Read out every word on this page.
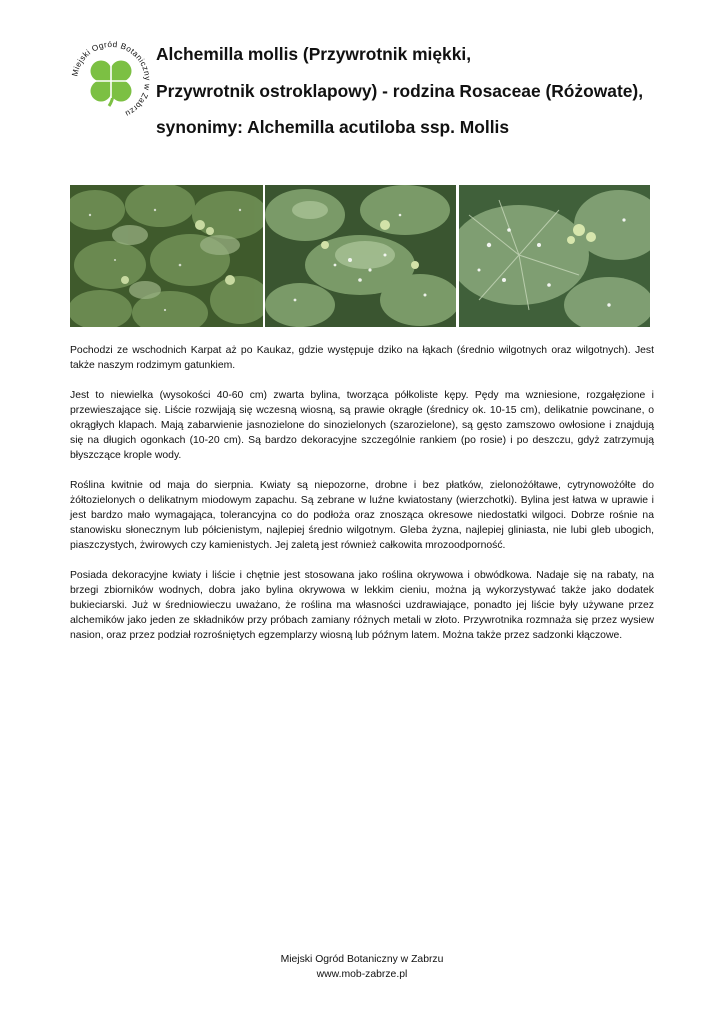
Miejski Ogród Botaniczny w Zabrzu
Alchemilla mollis (Przywrotnik miękki,
Przywrotnik ostroklapowy) - rodzina Rosaceae (Różowate),
synonimy: Alchemilla acutiloba ssp. Mollis

Pochodzi ze wschodnich Karpat aż po Kaukaz, gdzie występuje dziko na łąkach (średnio wilgotnych oraz wilgotnych). Jest także naszym rodzimym gatunkiem.

Jest to niewielka (wysokości 40-60 cm) zwarta bylina, tworząca półkoliste kępy. Pędy ma wzniesione, rozgałęzione i przewieszające się. Liście rozwijają się wczesną wiosną, są prawie okrągłe (średnicy ok. 10-15 cm), delikatnie powcinane, o okrągłych klapach. Mają zabarwienie jasnozielone do sinozielonych (szarozielone), są gęsto zamszowo owłosione i znajdują się na długich ogonkach (10-20 cm). Są bardzo dekoracyjne szczególnie rankiem (po rosie) i po deszczu, gdyż zatrzymują błyszczące krople wody.

Roślina kwitnie od maja do sierpnia. Kwiaty są niepozorne, drobne i bez płatków, zielonożółtawe, cytrynowożółte do żółtozielonych o delikatnym miodowym zapachu. Są zebrane w luźne kwiatostany (wierzchotki). Bylina jest łatwa w uprawie i jest bardzo mało wymagająca, tolerancyjna co do podłoża oraz znosząca okresowe niedostatki wilgoci. Dobrze rośnie na stanowisku słonecznym lub półcienistym, najlepiej średnio wilgotnym. Gleba żyzna, najlepiej gliniasta, nie lubi gleb ubogich, piaszczystych, żwirowych czy kamienistych. Jej zaletą jest również całkowita mrozoodporność.

Posiada dekoracyjne kwiaty i liście i chętnie jest stosowana jako roślina okrywowa i obwódkowa. Nadaje się na rabaty, na brzegi zbiorników wodnych, dobra jako bylina okrywowa w lekkim cieniu, można ją wykorzystywać także jako dodatek bukieciarski. Już w średniowieczu uważano, że roślina ma własności uzdrawiające, ponadto jej liście były używane przez alchemików jako jeden ze składników przy próbach zamiany różnych metali w złoto. Przywrotnika rozmnaża się przez wysiew nasion, oraz przez podział rozrośniętych egzemplarzy wiosną lub późnym latem. Można także przez sadzonki kłączowe.

Miejski Ogród Botaniczny w Zabrzu
www.mob-zabrze.pl
